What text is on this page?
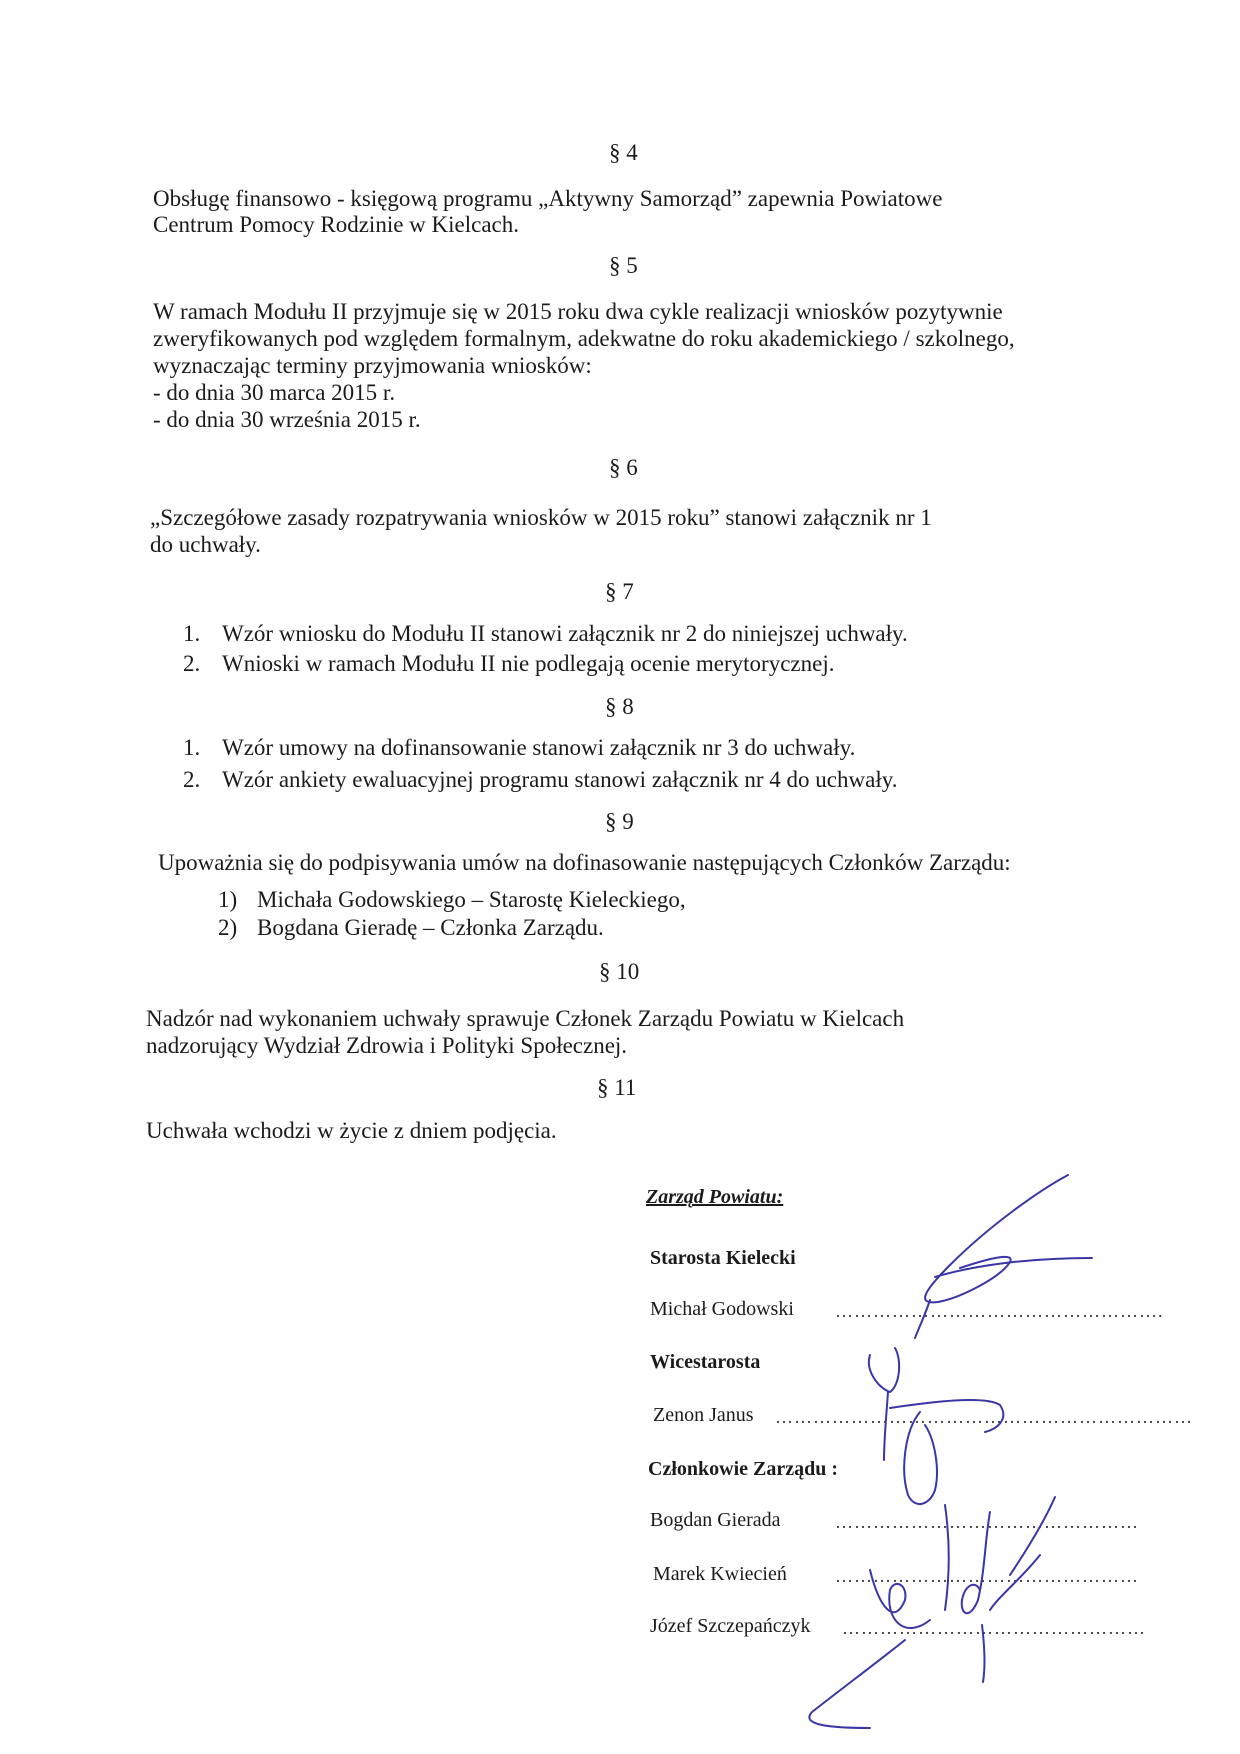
§ 4
Obsługę finansowo - księgową programu „Aktywny Samorząd” zapewnia Powiatowe
Centrum Pomocy Rodzinie w Kielcach.
§ 5
W ramach Modułu II przyjmuje się w 2015 roku dwa cykle realizacji wniosków pozytywnie
zweryfikowanych pod względem formalnym, adekwatne do roku akademickiego / szkolnego,
wyznaczając terminy przyjmowania wniosków:
- do dnia 30 marca 2015 r.
- do dnia 30 września 2015 r.
§ 6
„Szczegółowe zasady rozpatrywania wniosków w 2015 roku” stanowi załącznik nr 1
do uchwały.
§ 7
1. Wzór wniosku do Modułu II stanowi załącznik nr 2 do niniejszej uchwały.
2. Wnioski w ramach Modułu II nie podlegają ocenie merytorycznej.
§ 8
1. Wzór umowy na dofinansowanie stanowi załącznik nr 3 do uchwały.
2. Wzór ankiety ewaluacyjnej programu stanowi załącznik nr 4 do uchwały.
§ 9
Upoważnia się do podpisywania umów na dofinasowanie następujących Członków Zarządu:
1) Michała Godowskiego – Starostę Kieleckiego,
2) Bogdana Gieradę – Członka Zarządu.
§ 10
Nadzór nad wykonaniem uchwały sprawuje Członek Zarządu Powiatu w Kielcach
nadzorujący Wydział Zdrowia i Polityki Społecznej.
§ 11
Uchwała wchodzi w życie z dniem podjęcia.
Zarząd Powiatu:
Starosta Kielecki
Michał Godowski …………………………………………….
Wicestarosta
Zenon Janus …………………………………………………………
Członkowie Zarządu :
Bogdan Gierada	…………………………………………
Marek Kwiecień	…………………………………………
Józef Szczepańczyk …………………………………………
